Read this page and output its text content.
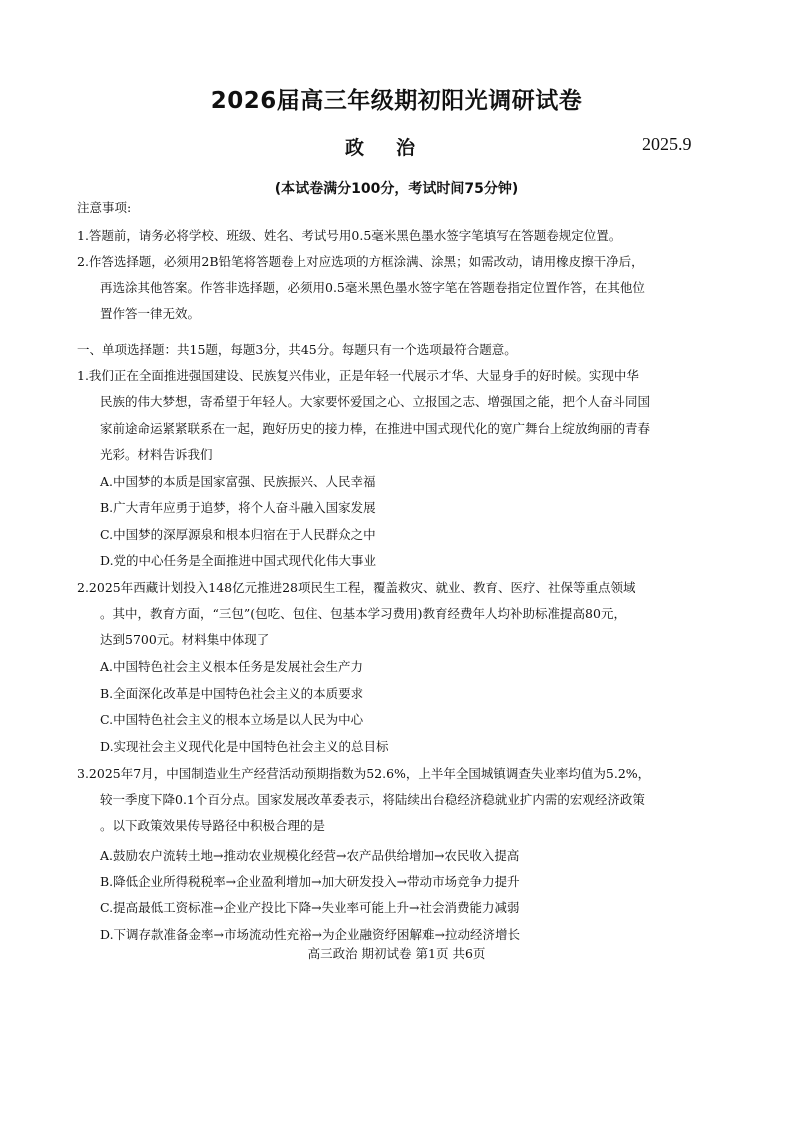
2026届高三年级期初阳光调研试卷
政治	2025.9
(本试卷满分100分，考试时间75分钟)
注意事项:
1.答题前，请务必将学校、班级、姓名、考试号用0.5毫米黑色墨水签字笔填写在答题卷规定位置。
2.作答选择题，必须用2B铅笔将答题卷上对应选项的方框涂满、涂黑；如需改动，请用橡皮擦干净后，
再选涂其他答案。作答非选择题，必须用0.5毫米黑色墨水签字笔在答题卷指定位置作答，在其他位
置作答一律无效。
一、单项选择题：共15题，每题3分，共45分。每题只有一个选项最符合题意。
1.我们正在全面推进强国建设、民族复兴伟业，正是年轻一代展示才华、大显身手的好时候。实现中华
民族的伟大梦想，寄希望于年轻人。大家要怀爱国之心、立报国之志、增强国之能，把个人奋斗同国
家前途命运紧紧联系在一起，跑好历史的接力棒，在推进中国式现代化的宽广舞台上绽放绚丽的青春
光彩。材料告诉我们
A.中国梦的本质是国家富强、民族振兴、人民幸福
B.广大青年应勇于追梦，将个人奋斗融入国家发展
C.中国梦的深厚源泉和根本归宿在于人民群众之中
D.党的中心任务是全面推进中国式现代化伟大事业
2.2025年西藏计划投入148亿元推进28项民生工程，覆盖救灾、就业、教育、医疗、社保等重点领域
。其中，教育方面，“三包”(包吃、包住、包基本学习费用)教育经费年人均补助标准提高80元，
达到5700元。材料集中体现了
A.中国特色社会主义根本任务是发展社会生产力
B.全面深化改革是中国特色社会主义的本质要求
C.中国特色社会主义的根本立场是以人民为中心
D.实现社会主义现代化是中国特色社会主义的总目标
3.2025年7月，中国制造业生产经营活动预期指数为52.6%，上半年全国城镇调查失业率均值为5.2%，
较一季度下降0.1个百分点。国家发展改革委表示，将陆续出台稳经济稳就业扩内需的宏观经济政策
。以下政策效果传导路径中积极合理的是
A.鼓励农户流转土地→推动农业规模化经营→农产品供给增加→农民收入提高
B.降低企业所得税税率→企业盈利增加→加大研发投入→带动市场竞争力提升
C.提高最低工资标准→企业产投比下降→失业率可能上升→社会消费能力减弱
D.下调存款准备金率→市场流动性充裕→为企业融资纾困解难→拉动经济增长
高三政治 期初试卷 第1页 共6页
